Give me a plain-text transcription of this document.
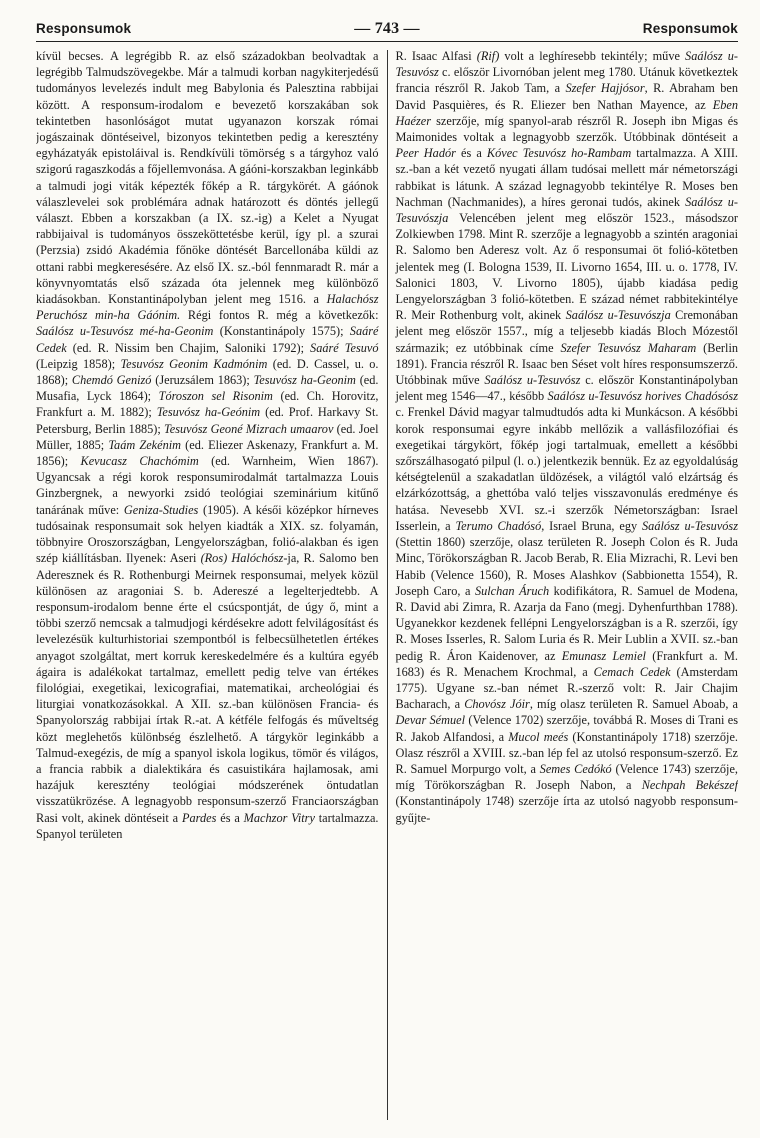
Responsumok	— 743 —	Responsumok

kívül becses. A legrégibb R. az első századokban beolvadtak a legrégibb Talmudszövegekbe. Már a talmudi korban nagykiterjedésű tudományos levelezés indult meg Babylonia és Palesztina rabbijai között. A responsum-irodalom e bevezető korszakában sok tekintetben hasonlóságot mutat ugyanazon korszak római jogászainak döntéseivel, bizonyos tekintetben pedig a keresztény egyházatyák epistoláival is. Rendkívüli tömörség s a tárgyhoz való szigorú ragaszkodás a főjellemvonása. A gáóni-korszakban leginkább a talmudi jogi viták képezték főkép a R. tárgykörét. A gáónok válaszlevelei sok problémára adnak határozott és döntés jellegű választ. Ebben a korszakban (a IX. sz.-ig) a Kelet a Nyugat rabbijaival is tudományos összeköttetésbe kerül, így pl. a szurai (Perzsia) zsidó Akadémia főnöke döntését Barcellonába küldi az ottani rabbi megkeresésére. Az első IX. sz.-ból fennmaradt R. már a könyvnyomtatás első százada óta jelennek meg különböző kiadásokban. Konstantinápolyban jelent meg 1516. a Halachósz Peruchósz min-ha Gáónim. Régi fontos R. még a következők: Saálósz u-Tesuvósz mé-ha-Geonim (Konstantinápoly 1575); Saáré Cedek (ed. R. Nissim ben Chajim, Saloniki 1792); Saáré Tesuvó (Leipzig 1858); Tesuvósz Geonim Kadmónim (ed. D. Cassel, u. o. 1868); Chemdó Genizó (Jeruzsálem 1863); Tesuvósz ha-Geonim (ed. Musafia, Lyck 1864); Tóroszon sel Risonim (ed. Ch. Horovitz, Frankfurt a. M. 1882); Tesuvósz ha-Geónim (ed. Prof. Harkavy St. Petersburg, Berlin 1885); Tesuvósz Geoné Mizrach umaarov (ed. Joel Müller, 1885; Taám Zekénim (ed. Eliezer Askenazy, Frankfurt a. M. 1856); Kevucasz Chachómim (ed. Warnheim, Wien 1867). Ugyancsak a régi korok responsumirodalmát tartalmazza Louis Ginzbergnek, a newyorki zsidó teológiai szeminárium kitűnő tanárának műve: Geniza-Studies (1905). A késői középkor hírneves tudósainak responsumait sok helyen kiadták a XIX. sz. folyamán, többnyire Oroszországban, Lengyelországban, folió-alakban és igen szép kiállításban. Ilyenek: Aseri (Ros) Halóchósz-ja, R. Salomo ben Aderesznek és R. Rothenburgi Meirnek responsumai, melyek közül különösen az aragoniai S. b. Adereszé a legelterjedtebb. A responsum-irodalom benne érte el csúcspontját, de úgy ő, mint a többi szerző nemcsak a talmudjogi kérdésekre adott felvilágosítást és levelezésük kulturhistoriai szempontból is felbecsülhetetlen értékes anyagot szolgáltat, mert korruk kereskedelmére és a kultúra egyéb ágaira is adalékokat tartalmaz, emellett pedig telve van értékes filológiai, exegetikai, lexicografiai, matematikai, archeológiai és liturgiai vonatkozásokkal. A XII. sz.-ban különösen Francia- és Spanyolország rabbijai írtak R.-at. A kétféle felfogás és műveltség közt meglehetős különbség észlelhető. A tárgykör leginkább a Talmud-exegézis, de míg a spanyol iskola logikus, tömör és világos, a francia rabbik a dialektikára és casuistikára hajlamosak, ami hazájuk keresztény teológiai módszerének öntudatlan visszatükrözése. A legnagyobb responsum-szerző Franciaországban Rasi volt, akinek döntéseit a Pardes és a Machzor Vitry tartalmazza. Spanyol területen

R. Isaac Alfasi (Rif) volt a leghíresebb tekintély; műve Saálósz u-Tesuvósz c. először Livornóban jelent meg 1780. Utánuk következtek francia részről R. Jakob Tam, a Szefer Hajjósor, R. Abraham ben David Pasquières, és R. Eliezer ben Nathan Mayence, az Eben Haézer szerzője, míg spanyol-arab részről R. Joseph ibn Migas és Maimonides voltak a legnagyobb szerzők. Utóbbinak döntéseit a Peer Hadór és a Kóvec Tesuvósz ho-Rambam tartalmazza. A XIII. sz.-ban a két vezető nyugati állam tudósai mellett már németországi rabbikat is látunk. A század legnagyobb tekintélye R. Moses ben Nachman (Nachmanides), a híres geronai tudós, akinek Saálósz u-Tesuvószja Velencében jelent meg először 1523., másodszor Zolkiewben 1798. Mint R. szerzője a legnagyobb a szintén aragoniai R. Salomo ben Aderesz volt. Az ő responsumai öt folió-kötetben jelentek meg (I. Bologna 1539, II. Livorno 1654, III. u. o. 1778, IV. Salonici 1803, V. Livorno 1805), újabb kiadása pedig Lengyelországban 3 folió-kötetben. E század német rabbitekintélye R. Meir Rothenburg volt, akinek Saálósz u-Tesuvószja Cremonában jelent meg először 1557., míg a teljesebb kiadás Bloch Mózestől származik; ez utóbbinak címe Szefer Tesuvósz Maharam (Berlin 1891). Francia részről R. Isaac ben Séset volt híres responsumszerző. Utóbbinak műve Saálósz u-Tesuvósz c. először Konstantinápolyban jelent meg 1546—47., később Saálósz u-Tesuvósz horives Chadósósz c. Frenkel Dávid magyar talmudtudós adta ki Munkácson. A későbbi korok responsumai egyre inkább mellőzik a vallásfilozófiai és exegetikai tárgykört, főkép jogi tartalmuak, emellett a későbbi szőrszálhasogató pilpul (l. o.) jelentkezik bennük. Ez az egyoldalúság kétségtelenül a szakadatlan üldözések, a világtól való elzártság és elzárkózottság, a ghettóba való teljes visszavonulás eredménye és hatása. Nevesebb XVI. sz.-i szerzők Németországban: Israel Isserlein, a Terumo Chadósó, Israel Bruna, egy Saálósz u-Tesuvósz (Stettin 1860) szerzője, olasz területen R. Joseph Colon és R. Juda Minc, Törökországban R. Jacob Berab, R. Elia Mizrachi, R. Levi ben Habib (Velence 1560), R. Moses Alashkov (Sabbionetta 1554), R. Joseph Caro, a Sulchan Áruch kodifikátora, R. Samuel de Modena, R. David abi Zimra, R. Azarja da Fano (megj. Dyhenfurthban 1788). Ugyanekkor kezdenek fellépni Lengyelországban is a R. szerzői, így R. Moses Isserles, R. Salom Luria és R. Meir Lublin a XVII. sz.-ban pedig R. Áron Kaidenover, az Emunasz Lemiel (Frankfurt a. M. 1683) és R. Menachem Krochmal, a Cemach Cedek (Amsterdam 1775). Ugyane sz.-ban német R.-szerző volt: R. Jair Chajim Bacharach, a Chovósz Jóir, míg olasz területen R. Samuel Aboab, a Devar Sémuel (Velence 1702) szerzője, továbbá R. Moses di Trani es R. Jakob Alfandosi, a Mucol meés (Konstantinápoly 1718) szerzője. Olasz részről a XVIII. sz.-ban lép fel az utolsó responsum-szerző. Ez R. Samuel Morpurgo volt, a Semes Cedókó (Velence 1743) szerzője, míg Törökországban R. Joseph Nabon, a Nechpah Bekészef (Konstantinápoly 1748) szerzője írta az utolsó nagyobb responsum-gyűjte-
